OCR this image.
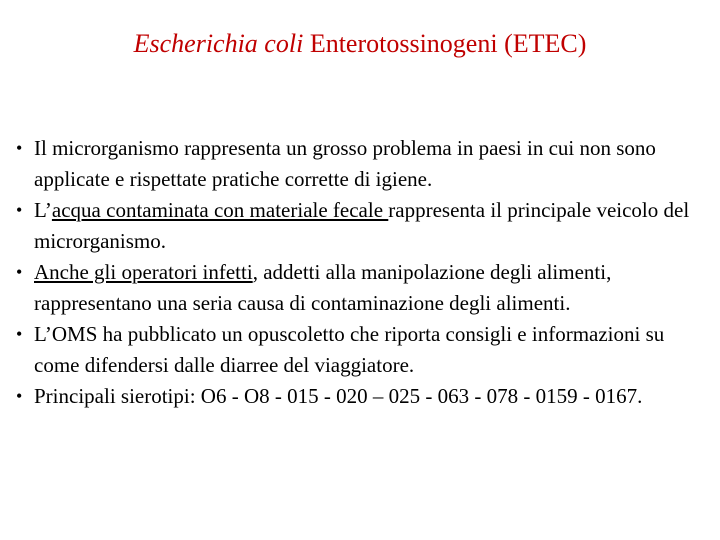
Escherichia coli Enterotossinogeni (ETEC)
• Il microrganismo rappresenta un grosso problema in paesi in cui non sono applicate e rispettate pratiche corrette di igiene.
• L’acqua contaminata con materiale fecale rappresenta il principale veicolo del microrganismo.
• Anche gli operatori infetti, addetti alla manipolazione degli alimenti, rappresentano una seria causa di contaminazione degli alimenti.
• L’OMS ha pubblicato un opuscoletto che riporta consigli e informazioni su come difendersi dalle diarree del viaggiatore.
• Principali sierotipi: O6 - O8 - 015 - 020 – 025 - 063 - 078 - 0159 - 0167.
